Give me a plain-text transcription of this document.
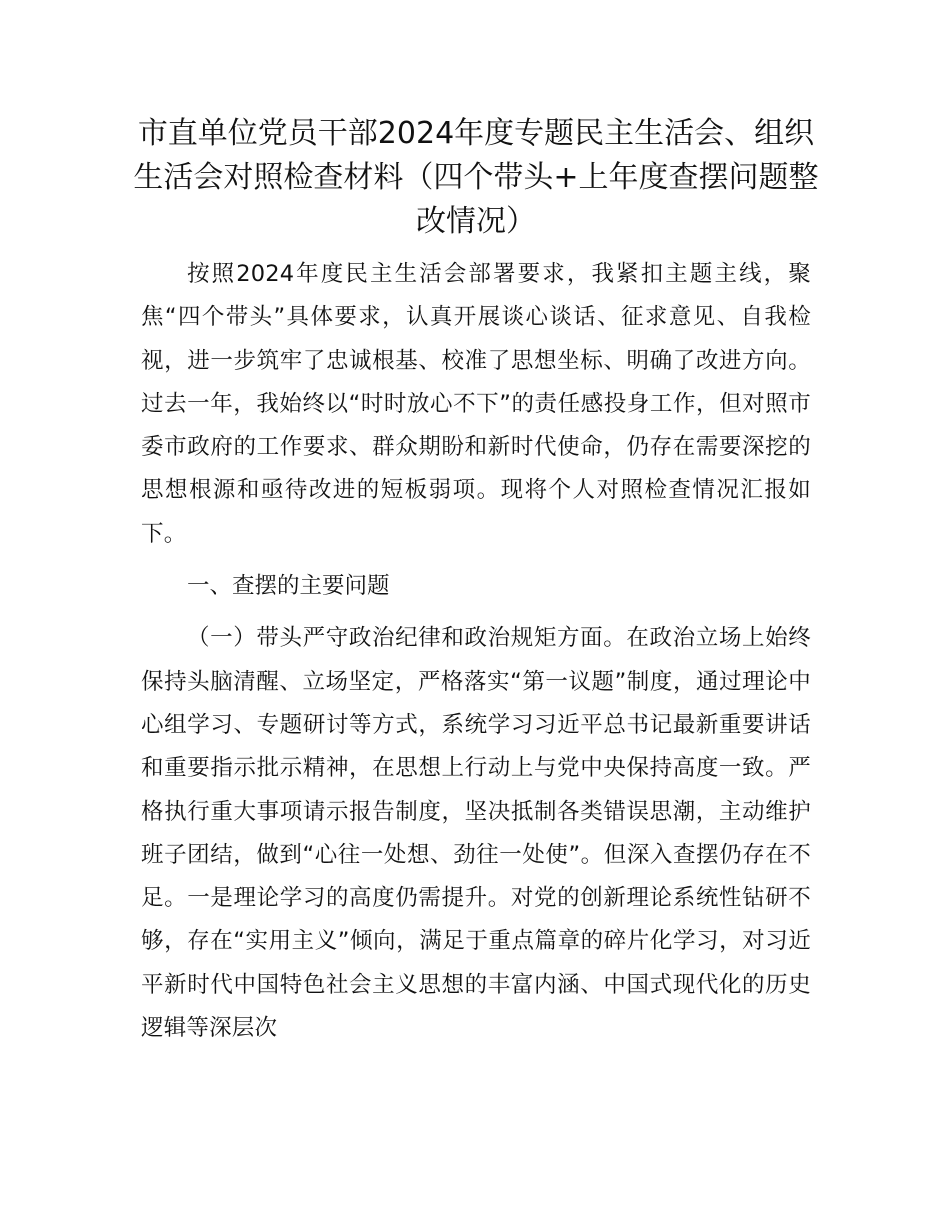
市直单位党员干部2024年度专题民主生活会、组织生活会对照检查材料（四个带头+上年度查摆问题整改情况）

按照2024年度民主生活会部署要求，我紧扣主题主线，聚焦“四个带头”具体要求，认真开展谈心谈话、征求意见、自我检视，进一步筑牢了忠诚根基、校准了思想坐标、明确了改进方向。过去一年，我始终以“时时放心不下”的责任感投身工作，但对照市委市政府的工作要求、群众期盼和新时代使命，仍存在需要深挖的思想根源和亟待改进的短板弱项。现将个人对照检查情况汇报如下。

一、查摆的主要问题

（一）带头严守政治纪律和政治规矩方面。在政治立场上始终保持头脑清醒、立场坚定，严格落实“第一议题”制度，通过理论中心组学习、专题研讨等方式，系统学习习近平总书记最新重要讲话和重要指示批示精神，在思想上行动上与党中央保持高度一致。严格执行重大事项请示报告制度，坚决抵制各类错误思潮，主动维护班子团结，做到“心往一处想、劲往一处使”。但深入查摆仍存在不足。一是理论学习的高度仍需提升。对党的创新理论系统性钻研不够，存在“实用主义”倾向，满足于重点篇章的碎片化学习，对习近平新时代中国特色社会主义思想的丰富内涵、中国式现代化的历史逻辑等深层次
